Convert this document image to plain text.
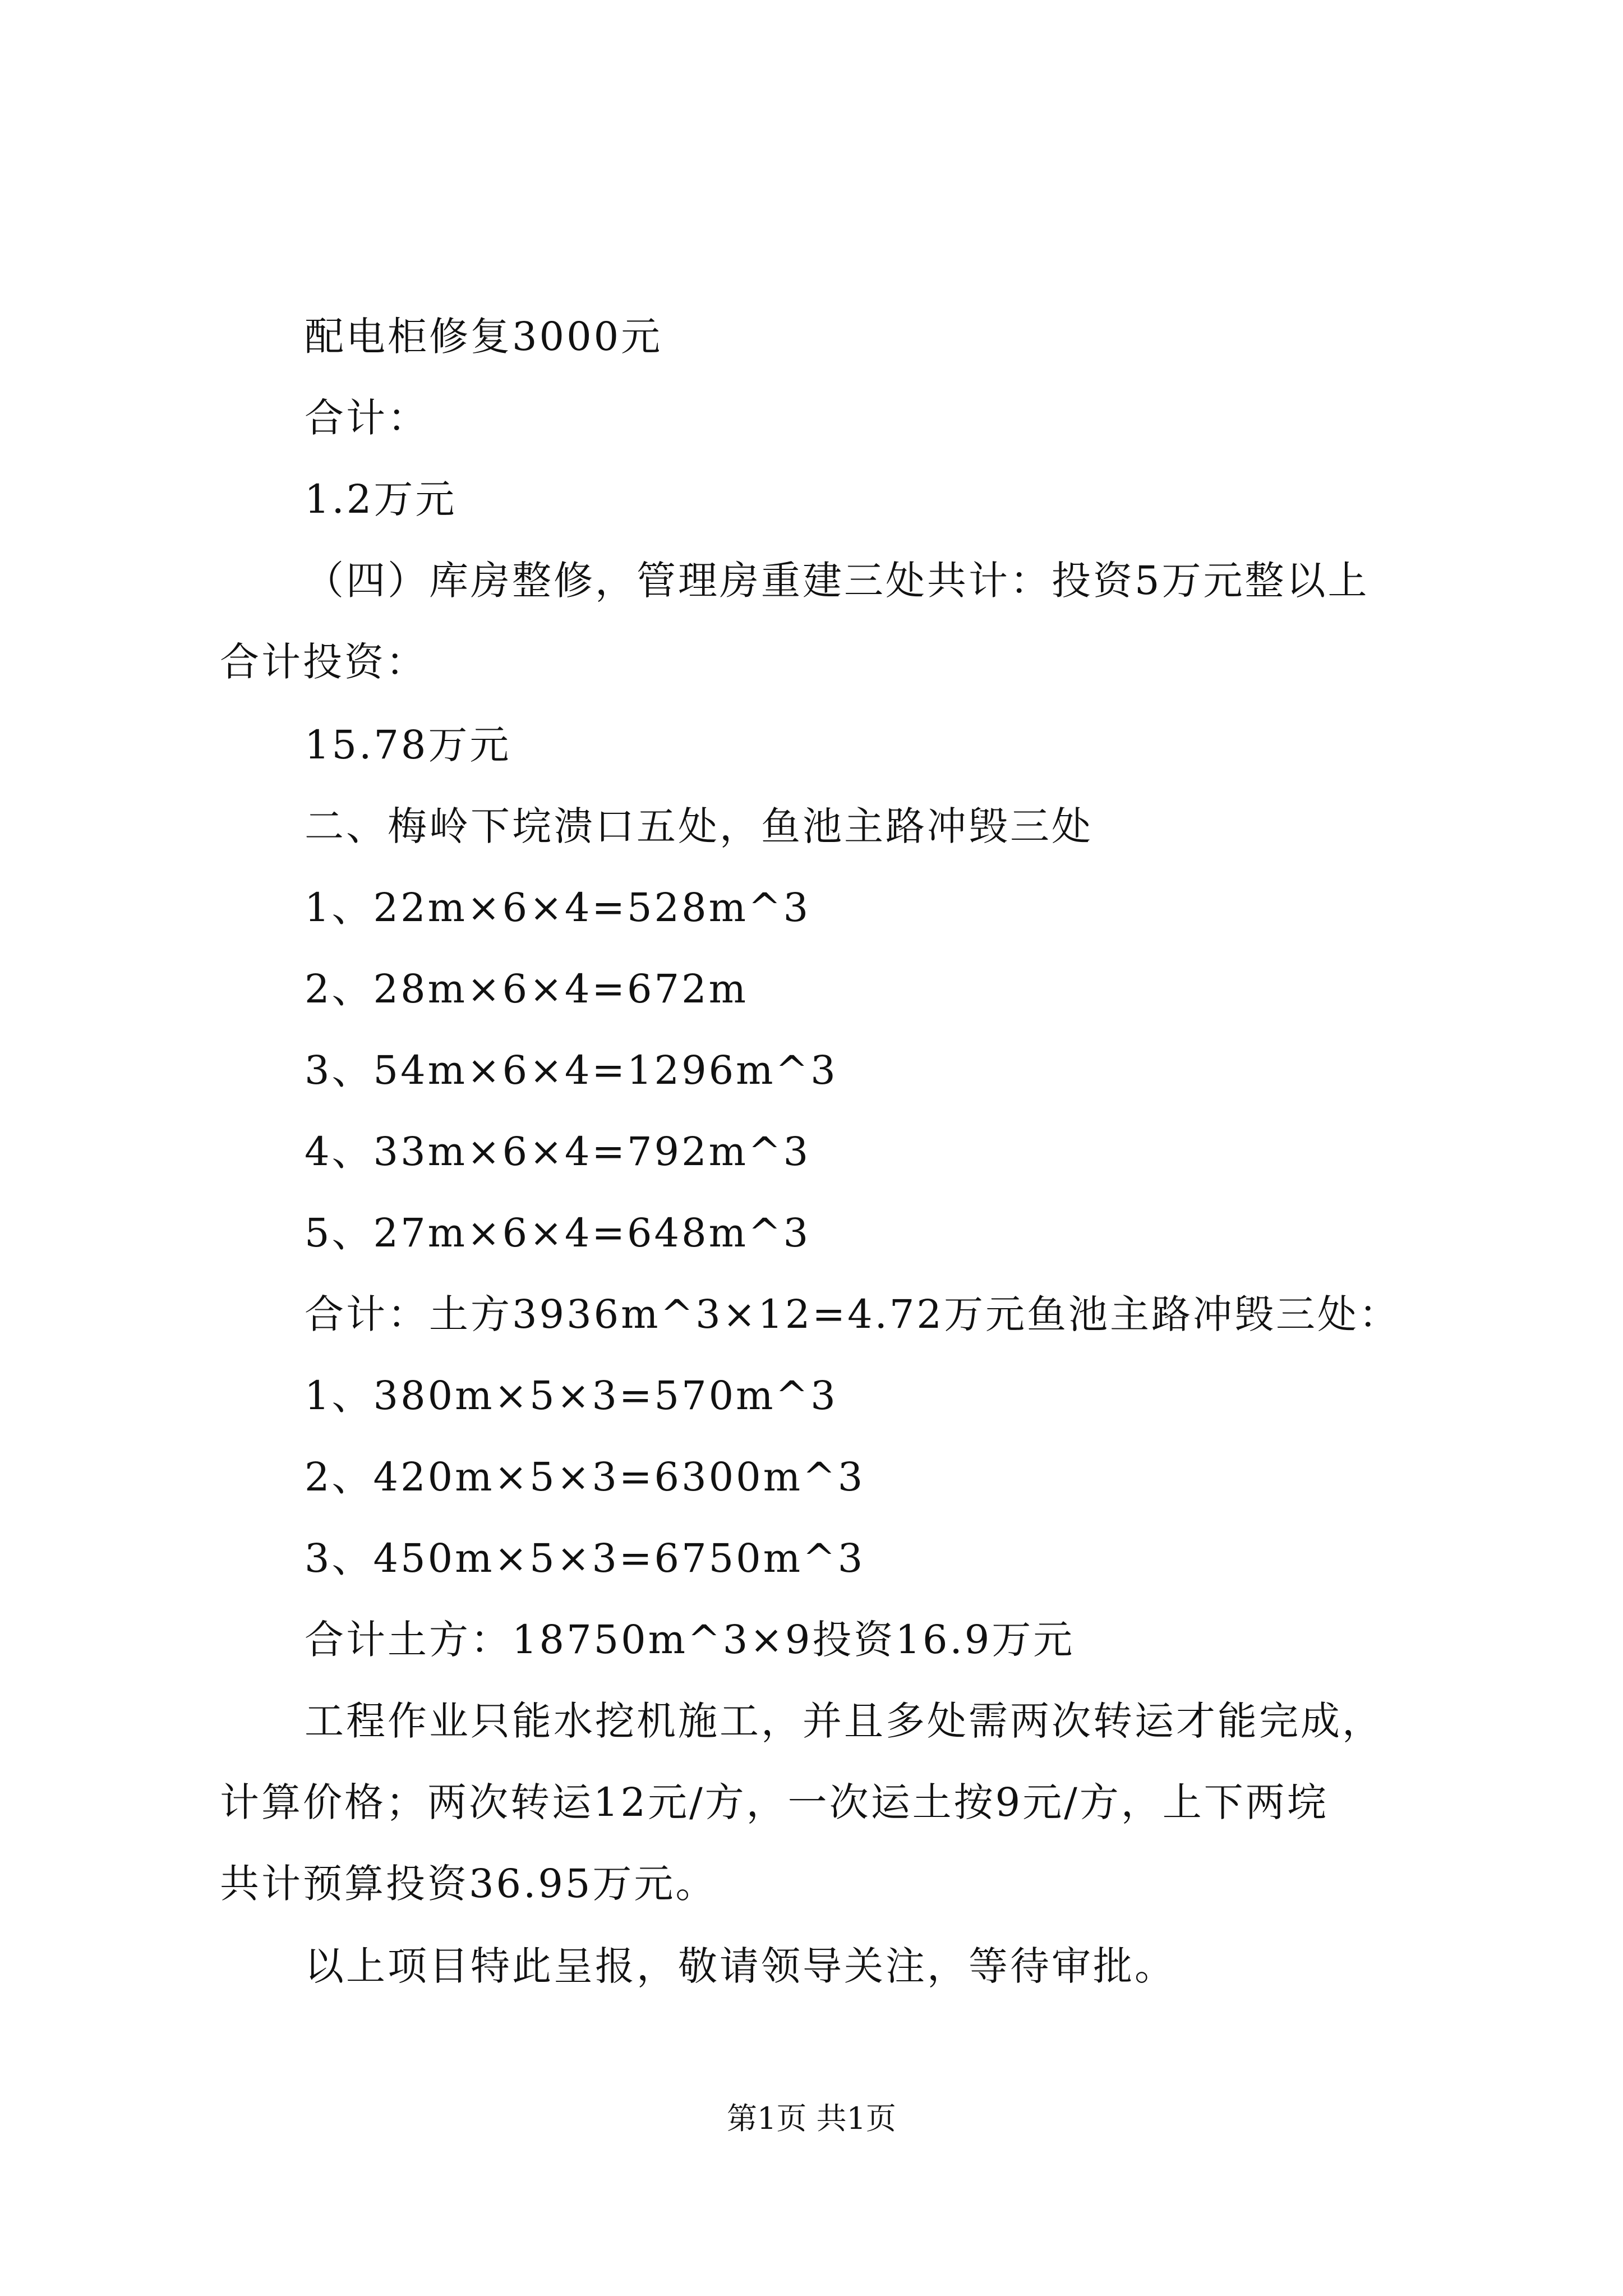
配电柜修复3000元
合计：
1.2万元
（四）库房整修，管理房重建三处共计：投资5万元整以上
合计投资：
15.78万元
二、梅岭下垸溃口五处，鱼池主路冲毁三处
1、22m×6×4=528m^3
2、28m×6×4=672m
3、54m×6×4=1296m^3
4、33m×6×4=792m^3
5、27m×6×4=648m^3
合计：土方3936m^3×12=4.72万元鱼池主路冲毁三处：
1、380m×5×3=570m^3
2、420m×5×3=6300m^3
3、450m×5×3=6750m^3
合计土方：18750m^3×9投资16.9万元
工程作业只能水挖机施工，并且多处需两次转运才能完成，
计算价格；两次转运12元/方，一次运土按9元/方，上下两垸
共计预算投资36.95万元。
以上项目特此呈报，敬请领导关注，等待审批。
第1页 共1页
